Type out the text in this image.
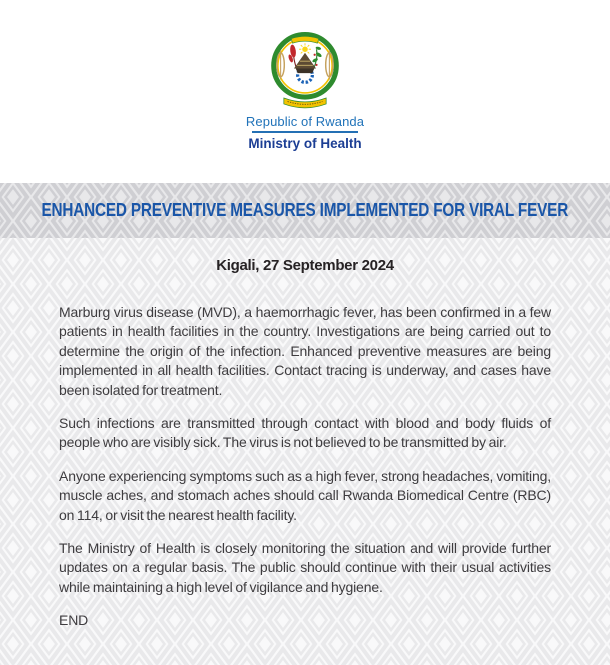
Republic of Rwanda
Ministry of Health
ENHANCED PREVENTIVE MEASURES IMPLEMENTED FOR VIRAL FEVER
Kigali, 27 September 2024

Marburg virus disease (MVD), a haemorrhagic fever, has been confirmed in a few patients in health facilities in the country. Investigations are being carried out to determine the origin of the infection. Enhanced preventive measures are being implemented in all health facilities. Contact tracing is underway, and cases have been isolated for treatment.

Such infections are transmitted through contact with blood and body fluids of people who are visibly sick. The virus is not believed to be transmitted by air.

Anyone experiencing symptoms such as a high fever, strong headaches, vomiting, muscle aches, and stomach aches should call Rwanda Biomedical Centre (RBC) on 114, or visit the nearest health facility.

The Ministry of Health is closely monitoring the situation and will provide further updates on a regular basis. The public should continue with their usual activities while maintaining a high level of vigilance and hygiene.

END
